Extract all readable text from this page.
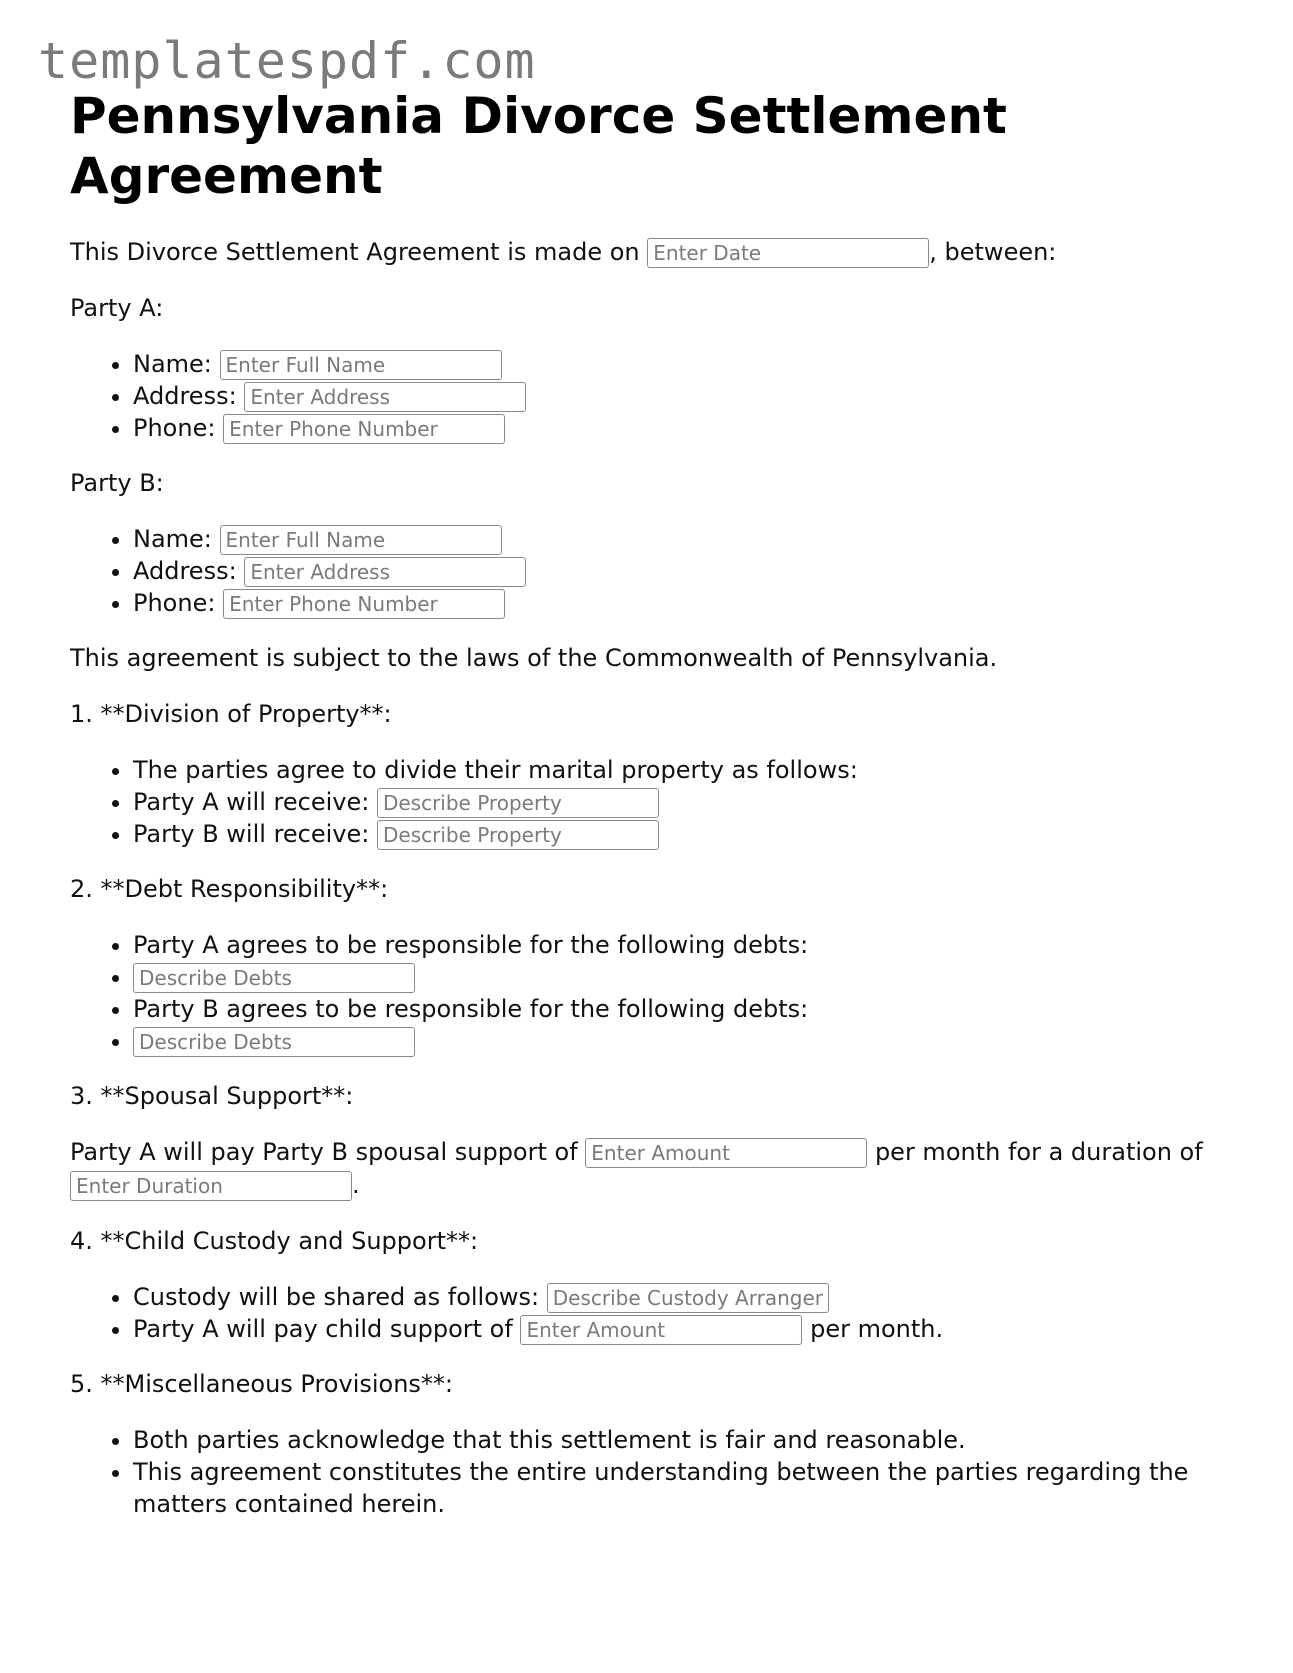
templatespdf.com
Pennsylvania Divorce Settlement Agreement

This Divorce Settlement Agreement is made on Enter Date	, between:

Party A:

• Name: Enter Full Name
• Address: Enter Address
• Phone: Enter Phone Number

Party B:

• Name: Enter Full Name
• Address: Enter Address
• Phone: Enter Phone Number

This agreement is subject to the laws of the Commonwealth of Pennsylvania.

1. **Division of Property**:

• The parties agree to divide their marital property as follows:
• Party A will receive: Describe Property
• Party B will receive: Describe Property

2. **Debt Responsibility**:

• Party A agrees to be responsible for the following debts:
• Describe Debts
• Party B agrees to be responsible for the following debts:
• Describe Debts

3. **Spousal Support**:

Party A will pay Party B spousal support of Enter Amount	per month for a duration of Enter Duration.

4. **Child Custody and Support**:

• Custody will be shared as follows: Describe Custody Arrangement
• Party A will pay child support of Enter Amount	per month.

5. **Miscellaneous Provisions**:

• Both parties acknowledge that this settlement is fair and reasonable.
• This agreement constitutes the entire understanding between the parties regarding the matters contained herein.
